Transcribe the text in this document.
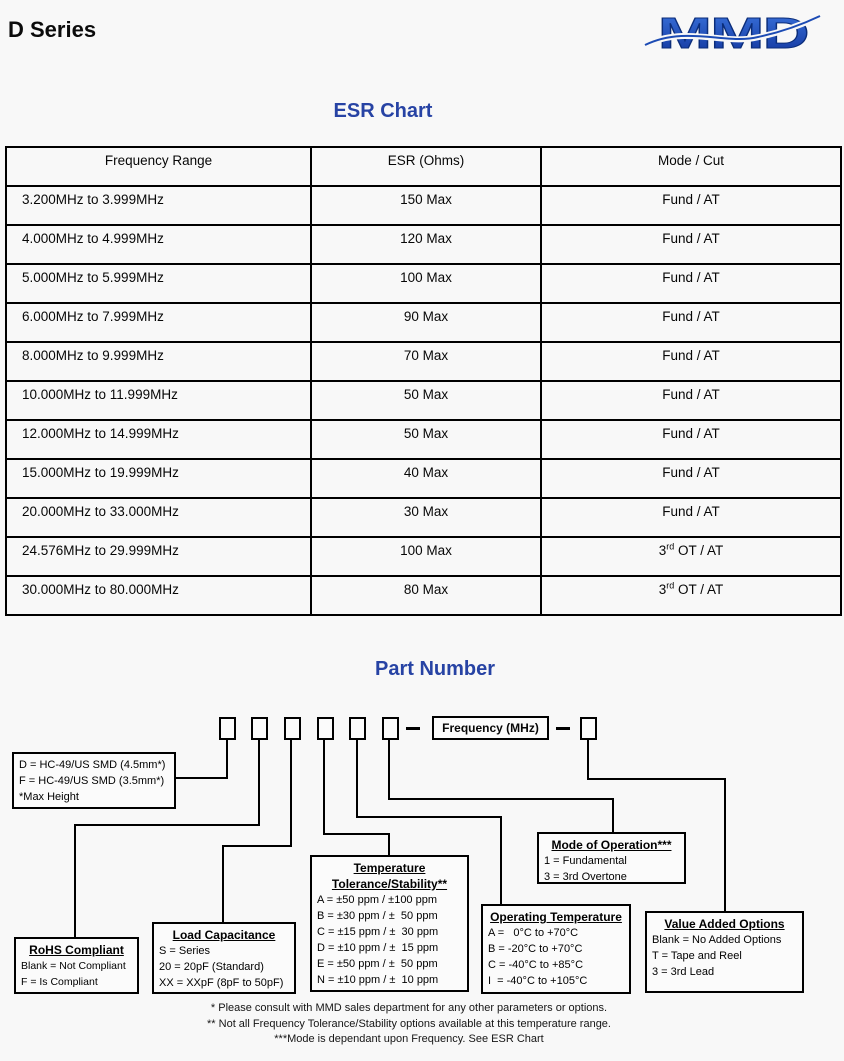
D Series	MMD
ESR Chart
Frequency Range	ESR (Ohms)	Mode / Cut
3.200MHz to 3.999MHz	150 Max	Fund / AT
4.000MHz to 4.999MHz	120 Max	Fund / AT
5.000MHz to 5.999MHz	100 Max	Fund / AT
6.000MHz to 7.999MHz	90 Max	Fund / AT
8.000MHz to 9.999MHz	70 Max	Fund / AT
10.000MHz to 11.999MHz	50 Max	Fund / AT
12.000MHz to 14.999MHz	50 Max	Fund / AT
15.000MHz to 19.999MHz	40 Max	Fund / AT
20.000MHz to 33.000MHz	30 Max	Fund / AT
24.576MHz to 29.999MHz	100 Max	3rd OT / AT
30.000MHz to 80.000MHz	80 Max	3rd OT / AT
Part Number
Frequency (MHz)
D = HC-49/US SMD (4.5mm*)
F = HC-49/US SMD (3.5mm*)
*Max Height
RoHS Compliant
Blank = Not Compliant
F = Is Compliant
Load Capacitance
S = Series
20 = 20pF (Standard)
XX = XXpF (8pF to 50pF)
Temperature
Tolerance/Stability**
A = ±50 ppm / ±100 ppm
B = ±30 ppm / ±  50 ppm
C = ±15 ppm / ±  30 ppm
D = ±10 ppm / ±  15 ppm
E = ±50 ppm / ±  50 ppm
N = ±10 ppm / ±  10 ppm
Mode of Operation***
1 = Fundamental
3 = 3rd Overtone
Operating Temperature
A =   0°C to +70°C
B = -20°C to +70°C
C = -40°C to +85°C
I  = -40°C to +105°C
Value Added Options
Blank = No Added Options
T = Tape and Reel
3 = 3rd Lead
* Please consult with MMD sales department for any other parameters or options.
** Not all Frequency Tolerance/Stability options available at this temperature range.
***Mode is dependant upon Frequency. See ESR Chart
